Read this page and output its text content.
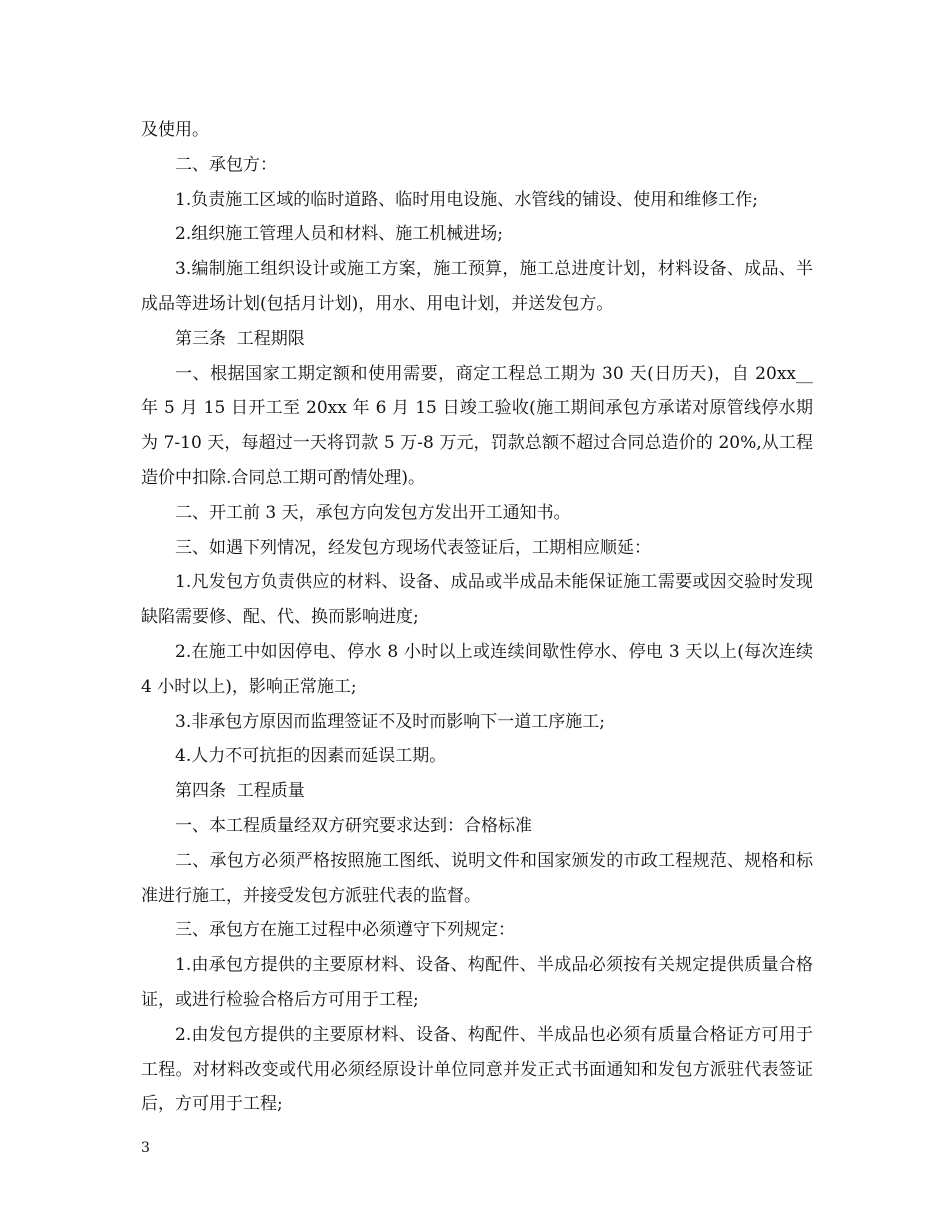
及使用。

二、承包方：

1.负责施工区域的临时道路、临时用电设施、水管线的铺设、使用和维修工作;

2.组织施工管理人员和材料、施工机械进场;

3.编制施工组织设计或施工方案，施工预算，施工总进度计划，材料设备、成品、半成品等进场计划(包括月计划)，用水、用电计划，并送发包方。

第三条  工程期限

一、根据国家工期定额和使用需要，商定工程总工期为 30 天(日历天)，自 20xx__  年 5 月 15 日开工至 20xx 年 6 月 15 日竣工验收(施工期间承包方承诺对原管线停水期为 7-10 天，每超过一天将罚款 5 万-8 万元，罚款总额不超过合同总造价的 20%,从工程造价中扣除.合同总工期可酌情处理)。

二、开工前 3 天，承包方向发包方发出开工通知书。

三、如遇下列情况，经发包方现场代表签证后，工期相应顺延：

1.凡发包方负责供应的材料、设备、成品或半成品未能保证施工需要或因交验时发现缺陷需要修、配、代、换而影响进度;

2.在施工中如因停电、停水 8 小时以上或连续间歇性停水、停电 3 天以上(每次连续 4 小时以上)，影响正常施工;

3.非承包方原因而监理签证不及时而影响下一道工序施工;

4.人力不可抗拒的因素而延误工期。

第四条  工程质量

一、本工程质量经双方研究要求达到：合格标准

二、承包方必须严格按照施工图纸、说明文件和国家颁发的市政工程规范、规格和标准进行施工，并接受发包方派驻代表的监督。

三、承包方在施工过程中必须遵守下列规定：

1.由承包方提供的主要原材料、设备、构配件、半成品必须按有关规定提供质量合格证，或进行检验合格后方可用于工程;

2.由发包方提供的主要原材料、设备、构配件、半成品也必须有质量合格证方可用于工程。对材料改变或代用必须经原设计单位同意并发正式书面通知和发包方派驻代表签证后，方可用于工程;

3
